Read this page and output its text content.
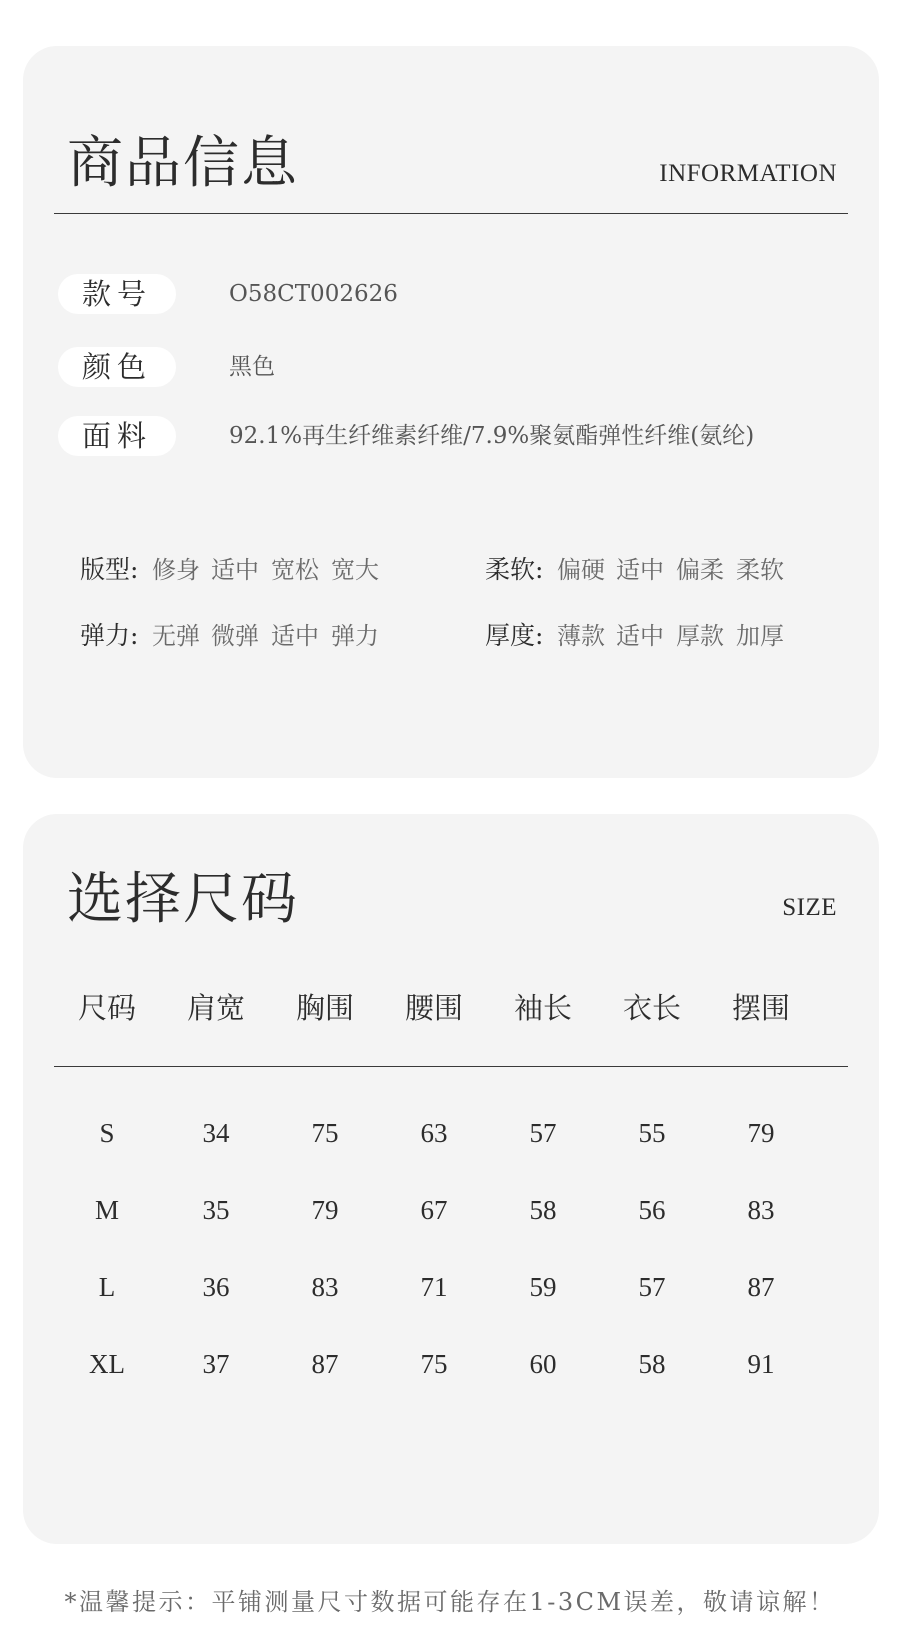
商品信息	INFORMATION
款号	O58CT002626
颜色	黑色
面料	92.1%再生纤维素纤维/7.9%聚氨酯弹性纤维(氨纶)
版型: 修身 适中 宽松 宽大	柔软: 偏硬 适中 偏柔 柔软
弹力: 无弹 微弹 适中 弹力	厚度: 薄款 适中 厚款 加厚
选择尺码	SIZE
尺码	肩宽	胸围	腰围	袖长	衣长	摆围
S	34	75	63	57	55	79
M	35	79	67	58	56	83
L	36	83	71	59	57	87
XL	37	87	75	60	58	91
*温馨提示：平铺测量尺寸数据可能存在1-3CM误差，敬请谅解！
